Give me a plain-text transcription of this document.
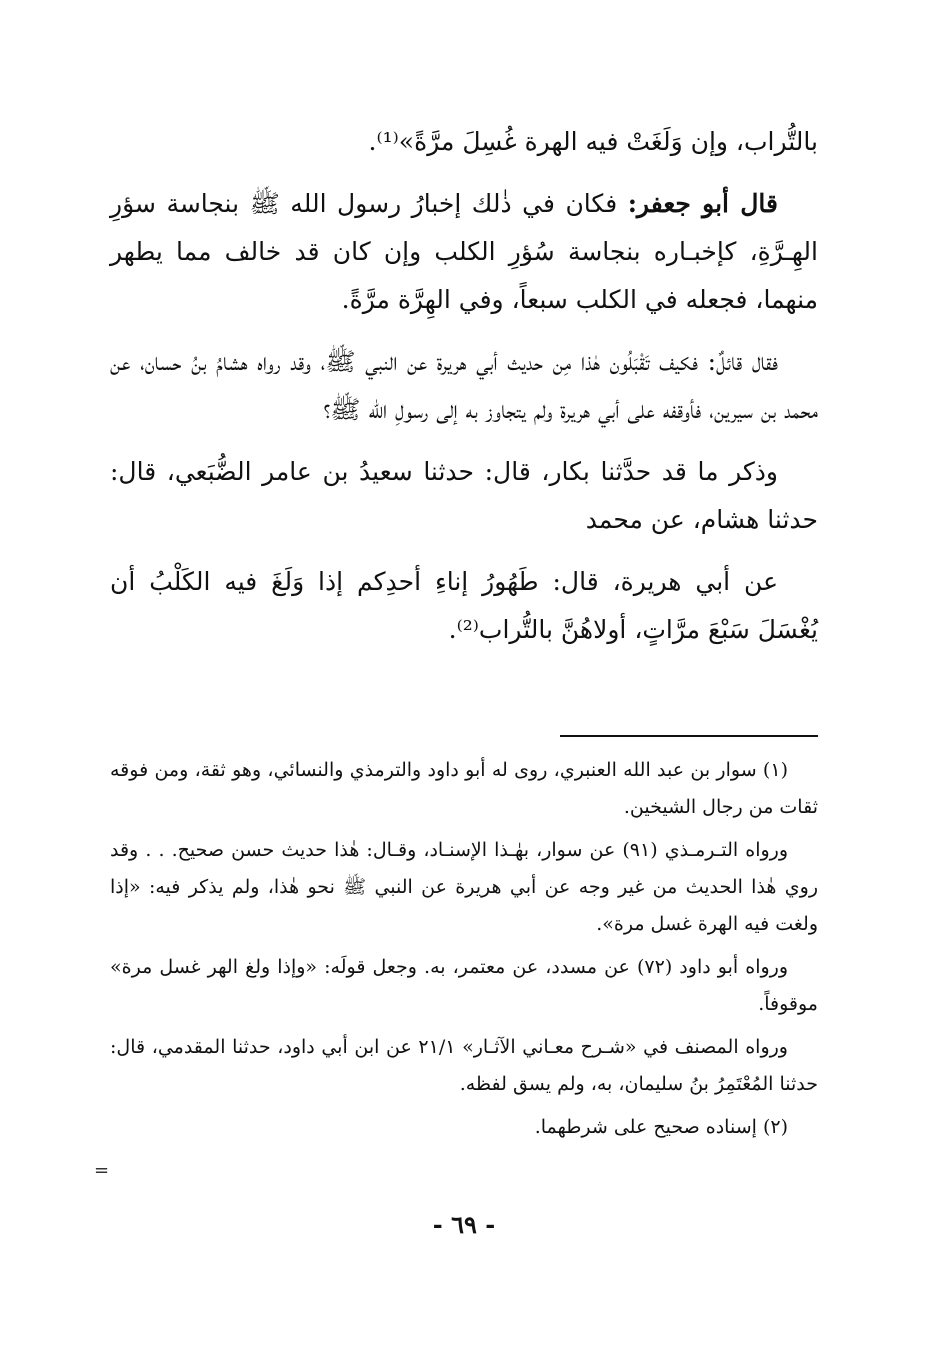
بالتُّراب، وإن وَلَغَتْ فيه الهرة غُسِلَ مرَّةً»⁽¹⁾.

قال أبو جعفر: فكان في ذٰلك إخبارُ رسول الله ﷺ بنجاسة سؤرِ الهِـرَّةِ، كإخبـاره بنجاسة سُؤرِ الكلب وإن كان قد خالف مما يطهر منهما، فجعله في الكلب سبعاً، وفي الهِرَّة مرَّةً.

فقال قائلٌ: فكيف تَقْبَلُون هٰذا مِن حديث أبي هريرة عن النبي ﷺ، وقد رواه هشامُ بنُ حسان، عن محمد بن سيرين، فأوقفه على أبي هريرة ولم يتجاوز به إلى رسولِ الله ﷺ؟

وذكر ما قد حدَّثنا بكار، قال: حدثنا سعيدُ بن عامر الضُّبَعي، قال: حدثنا هشام، عن محمد

عن أبي هريرة، قال: طَهُورُ إناءِ أحدِكم إذا وَلَغَ فيه الكَلْبُ أن يُغْسَلَ سَبْعَ مرَّاتٍ، أولاهُنَّ بالتُّراب⁽²⁾.

(١) سوار بن عبد الله العنبري، روى له أبو داود والترمذي والنسائي، وهو ثقة، ومن فوقه ثقات من رجال الشيخين.

ورواه التـرمـذي (٩١) عن سوار، بهٰـذا الإسنـاد، وقـال: هٰذا حديث حسن صحيح. . . وقد روي هٰذا الحديث من غير وجه عن أبي هريرة عن النبي ﷺ نحو هٰذا، ولم يذكر فيه: «إذا ولغت فيه الهرة غسل مرة».

ورواه أبو داود (٧٢) عن مسدد، عن معتمر، به. وجعل قولَه: «وإذا ولغ الهر غسل مرة» موقوفاً.

ورواه المصنف في «شـرح معـاني الآثـار» ٢١/١ عن ابن أبي داود، حدثنا المقدمي، قال: حدثنا المُعْتَمِرُ بنُ سليمان، به، ولم يسق لفظه.

(٢) إسناده صحيح على شرطهما.

=
- ٦٩ -
